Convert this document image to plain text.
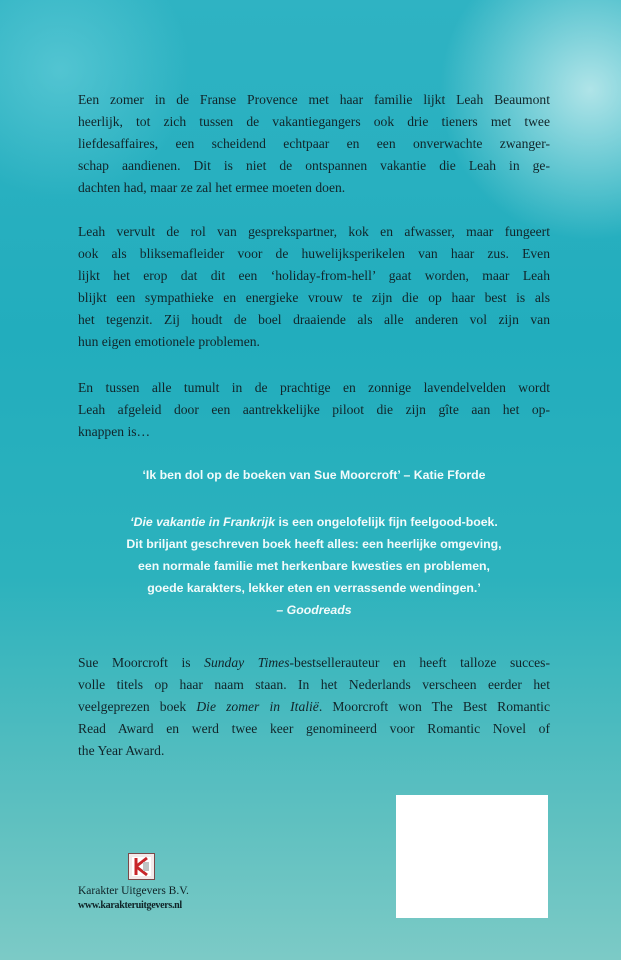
Een zomer in de Franse Provence met haar familie lijkt Leah Beaumont
heerlijk, tot zich tussen de vakantiegangers ook drie tieners met twee
liefdesaffaires, een scheidend echtpaar en een onverwachte zwanger-
schap aandienen. Dit is niet de ontspannen vakantie die Leah in ge-
dachten had, maar ze zal het ermee moeten doen.
Leah vervult de rol van gesprekspartner, kok en afwasser, maar fungeert
ook als bliksemafleider voor de huwelijksperikelen van haar zus. Even
lijkt het erop dat dit een ‘holiday-from-hell’ gaat worden, maar Leah
blijkt een sympathieke en energieke vrouw te zijn die op haar best is als
het tegenzit. Zij houdt de boel draaiende als alle anderen vol zijn van
hun eigen emotionele problemen.
En tussen alle tumult in de prachtige en zonnige lavendelvelden wordt
Leah afgeleid door een aantrekkelijke piloot die zijn gîte aan het op-
knappen is…
‘Ik ben dol op de boeken van Sue Moorcroft’ – Katie Fforde
‘Die vakantie in Frankrijk is een ongelofelijk fijn feelgood-boek.
Dit briljant geschreven boek heeft alles: een heerlijke omgeving,
een normale familie met herkenbare kwesties en problemen,
goede karakters, lekker eten en verrassende wendingen.’
– Goodreads
Sue Moorcroft is Sunday Times-bestsellerauteur en heeft talloze succes-
volle titels op haar naam staan. In het Nederlands verscheen eerder het
veelgeprezen boek Die zomer in Italië. Moorcroft won The Best Romantic
Read Award en werd twee keer genomineerd voor Romantic Novel of
the Year Award.
Karakter Uitgevers B.V.
www.karakteruitgevers.nl
